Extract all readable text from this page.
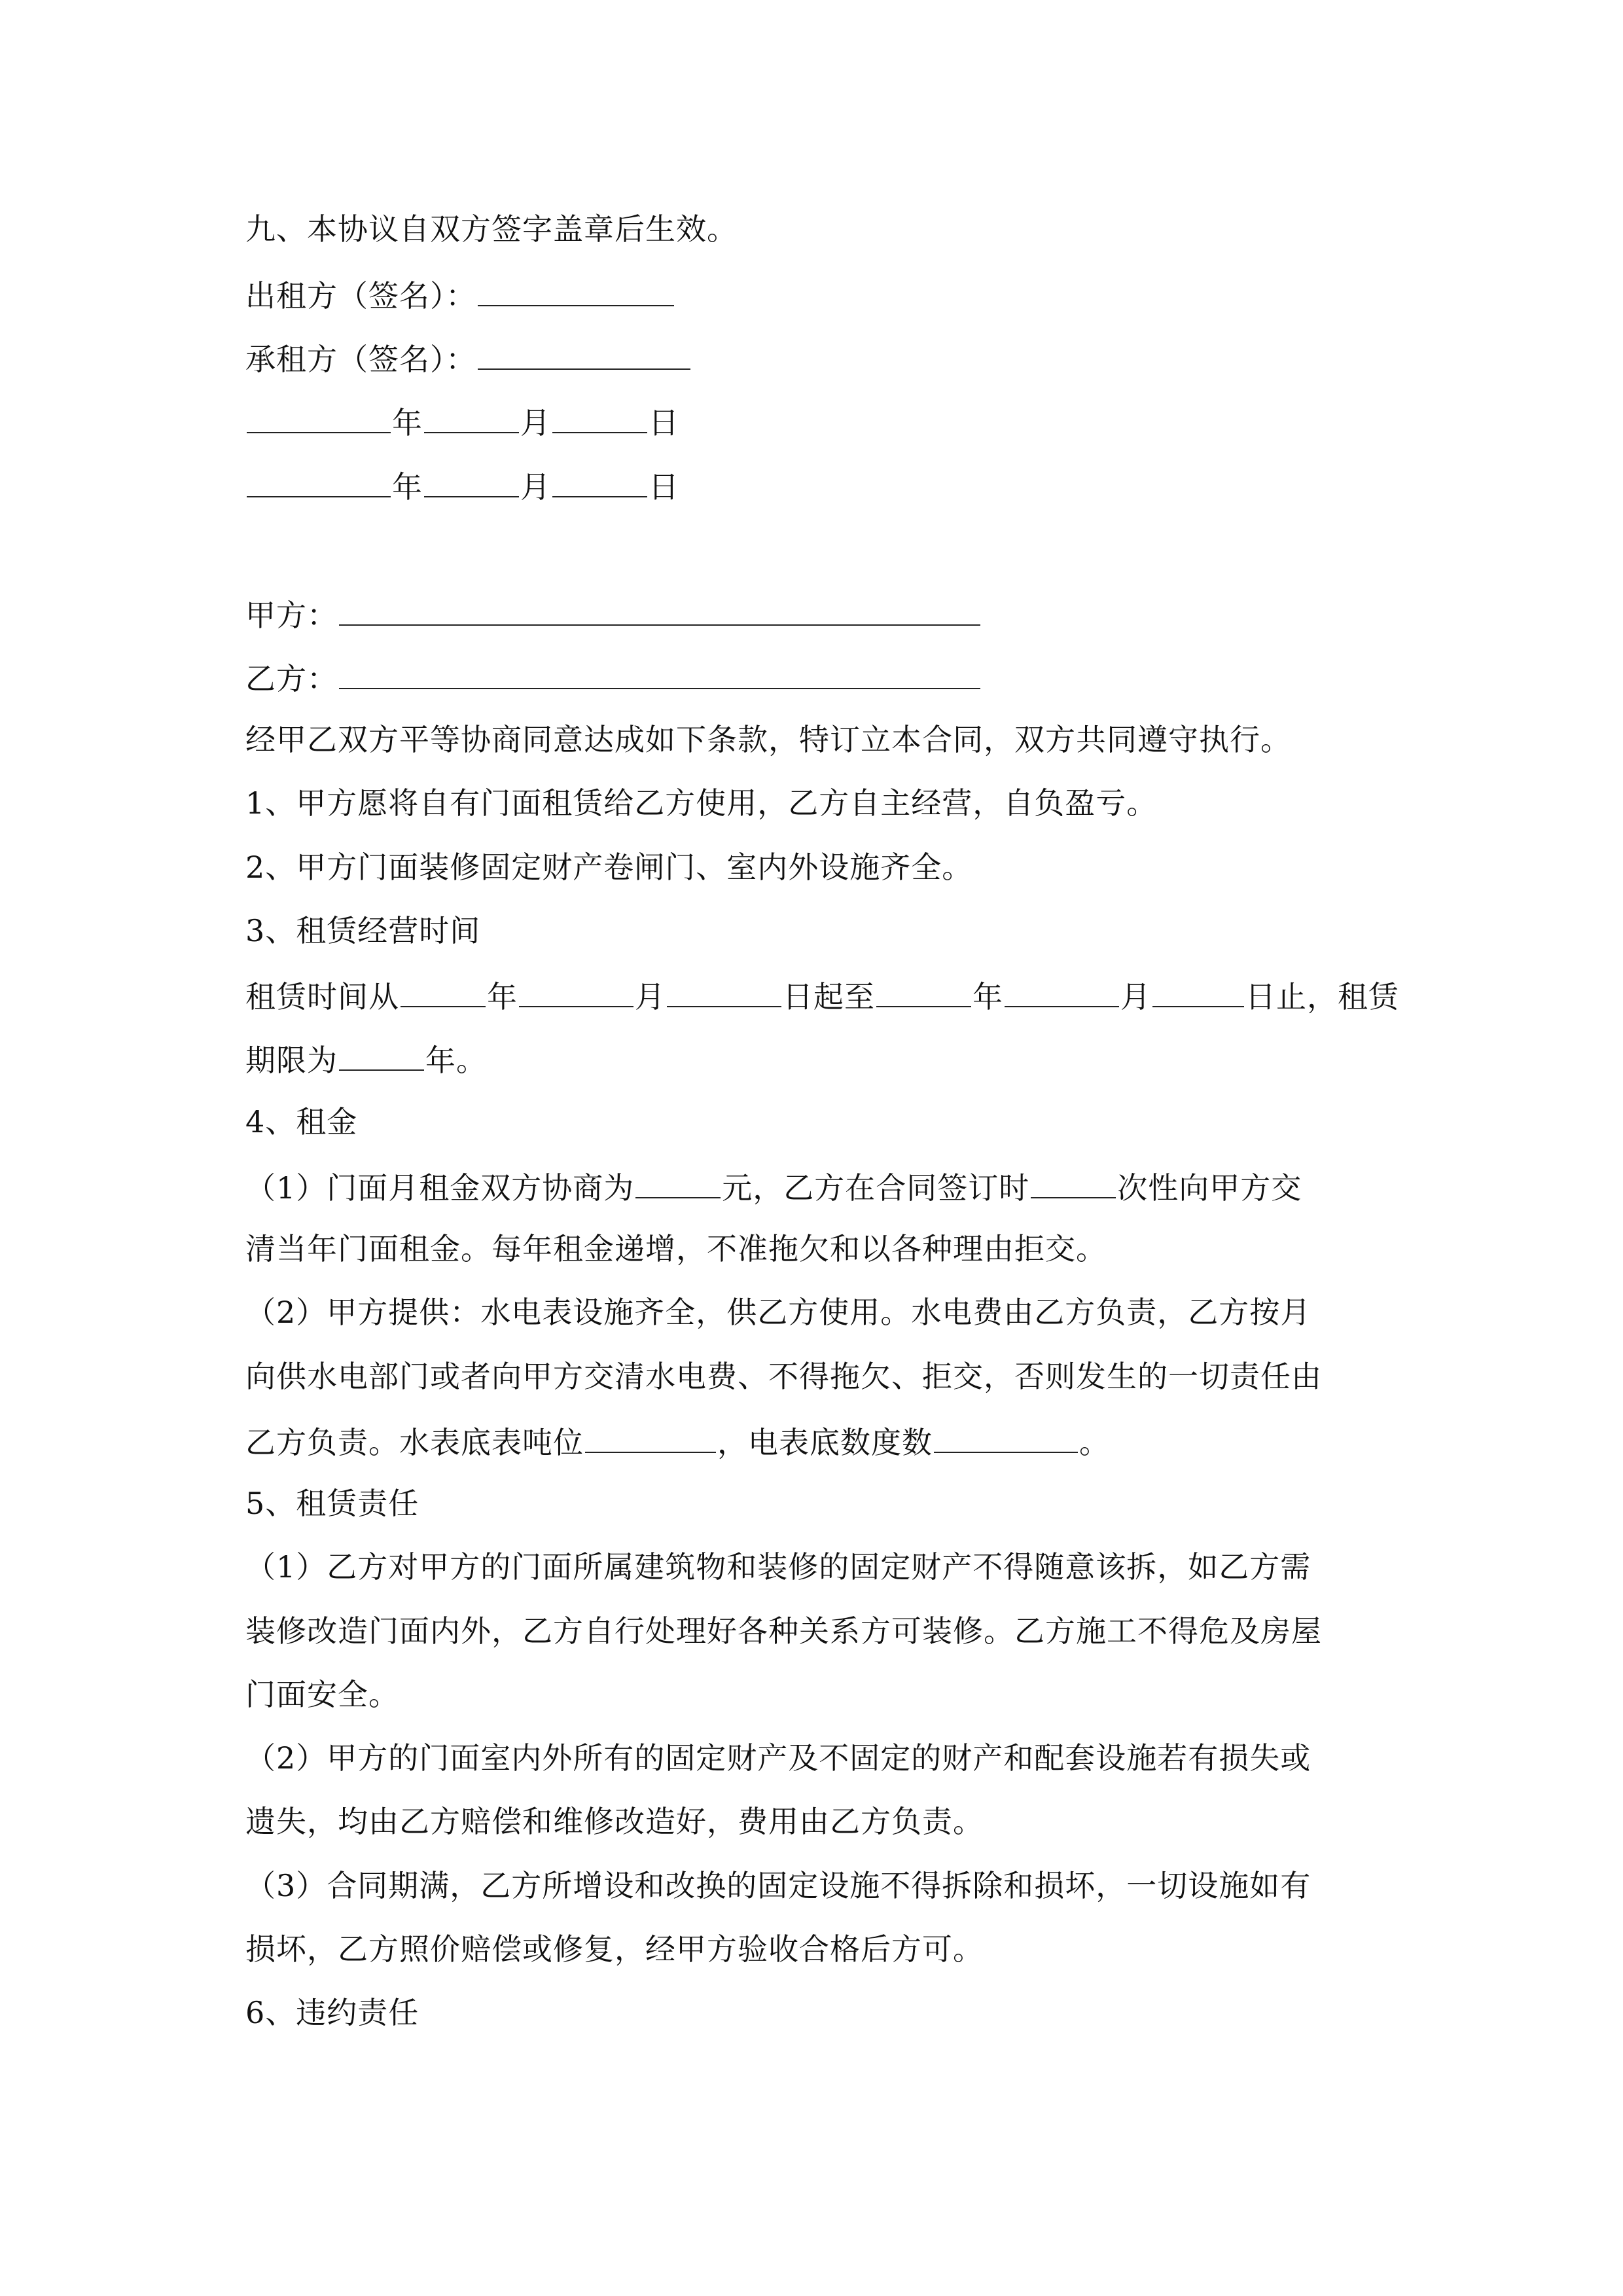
九、本协议自双方签字盖章后生效。
出租方（签名）：
承租方（签名）：
年	月	日
年	月	日
甲方：
乙方：
经甲乙双方平等协商同意达成如下条款，特订立本合同，双方共同遵守执行。
1、甲方愿将自有门面租赁给乙方使用，乙方自主经营，自负盈亏。
2、甲方门面装修固定财产卷闸门、室内外设施齐全。
3、租赁经营时间
租赁时间从	年	月	日起至	年	月	日止，租赁
期限为	年。
4、租金
（1）门面月租金双方协商为	元，乙方在合同签订时	次性向甲方交
清当年门面租金。每年租金递增，不准拖欠和以各种理由拒交。
（2）甲方提供：水电表设施齐全，供乙方使用。水电费由乙方负责，乙方按月
向供水电部门或者向甲方交清水电费、不得拖欠、拒交，否则发生的一切责任由
乙方负责。水表底表吨位	，电表底数度数	。
5、租赁责任
（1）乙方对甲方的门面所属建筑物和装修的固定财产不得随意该拆，如乙方需
装修改造门面内外，乙方自行处理好各种关系方可装修。乙方施工不得危及房屋
门面安全。
（2）甲方的门面室内外所有的固定财产及不固定的财产和配套设施若有损失或
遗失，均由乙方赔偿和维修改造好，费用由乙方负责。
（3）合同期满，乙方所增设和改换的固定设施不得拆除和损坏，一切设施如有
损坏，乙方照价赔偿或修复，经甲方验收合格后方可。
6、违约责任
